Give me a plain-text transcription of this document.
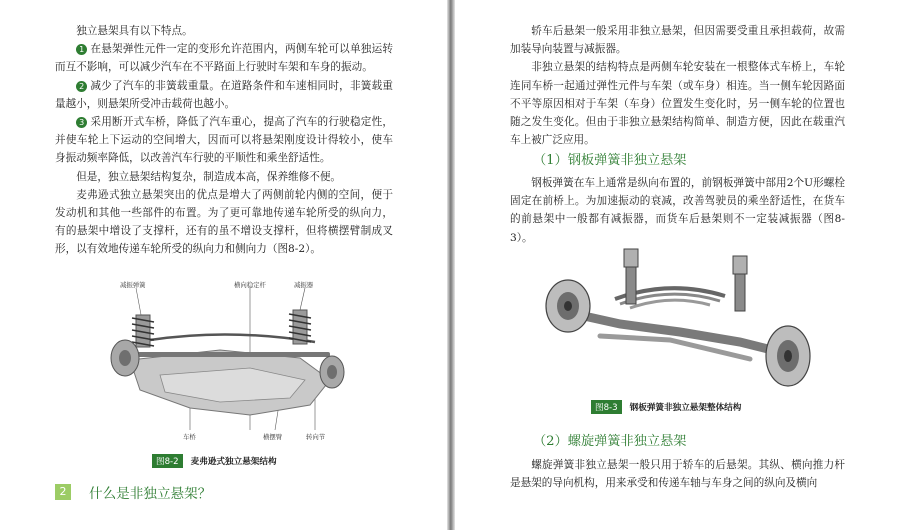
独立悬架具有以下特点。

1 在悬架弹性元件一定的变形允许范围内，两侧车轮可以单独运转而互不影响，可以减少汽车在不平路面上行驶时车架和车身的振动。

2 减少了汽车的非簧载重量。在道路条件和车速相同时，非簧载重量越小，则悬架所受冲击载荷也越小。

3 采用断开式车桥，降低了汽车重心，提高了汽车的行驶稳定性，并使车轮上下运动的空间增大，因而可以将悬架刚度设计得较小，使车身振动频率降低，以改善汽车行驶的平顺性和乘坐舒适性。

但是，独立悬架结构复杂，制造成本高，保养维修不便。

麦弗逊式独立悬架突出的优点是增大了两侧前轮内侧的空间，便于发动机和其他一些部件的布置。为了更可靠地传递车轮所受的纵向力，有的悬架中增设了支撑杆，还有的虽不增设支撑杆，但将横摆臂制成叉形，以有效地传递车轮所受的纵向力和侧向力（图8-2）。

减振弹簧	横向稳定杆	减振器
车桥	横摆臂	转向节
图8-2 麦弗逊式独立悬架结构
2	什么是非独立悬架？

轿车后悬架一般采用非独立悬架，但因需要受重且承担载荷，故需加装导向装置与减振器。

非独立悬架的结构特点是两侧车轮安装在一根整体式车桥上，车轮连同车桥一起通过弹性元件与车架（或车身）相连。当一侧车轮因路面不平等原因相对于车架（车身）位置发生变化时，另一侧车轮的位置也随之发生变化。但由于非独立悬架结构简单、制造方便，因此在载重汽车上被广泛应用。

（1）钢板弹簧非独立悬架

钢板弹簧在车上通常是纵向布置的，前钢板弹簧中部用2个U形螺栓固定在前桥上。为加速振动的衰减，改善驾驶员的乘坐舒适性，在货车的前悬架中一般都有减振器，而货车后悬架则不一定装减振器（图8-3）。

图8-3 钢板弹簧非独立悬架整体结构
（2）螺旋弹簧非独立悬架

螺旋弹簧非独立悬架一般只用于轿车的后悬架。其纵、横向推力杆是悬架的导向机构，用来承受和传递车轴与车身之间的纵向及横向
